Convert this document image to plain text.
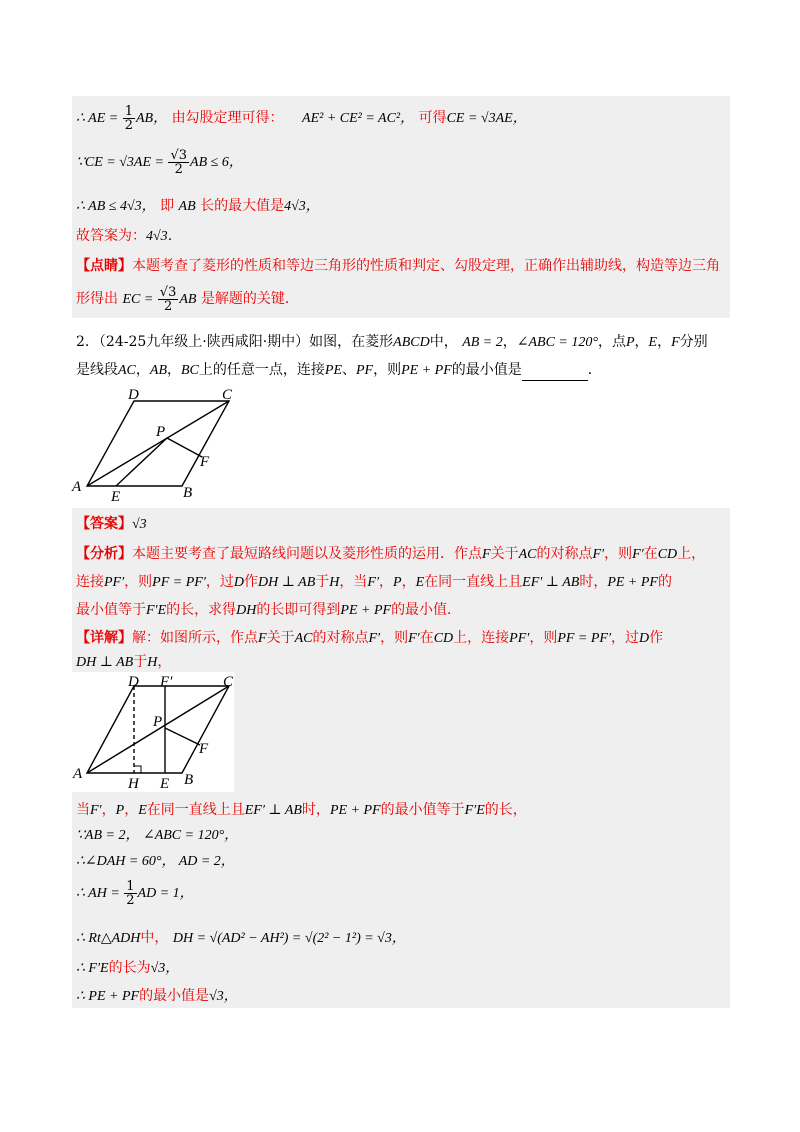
∴ AE = $\frac{1}{2}$ AB， 由勾股定理可得： AE² + CE² = AC²， 可得CE = √3AE，
∵CE = $√3AE = \frac{√3}{2}$ AB ≤ 6，
∴ AB ≤ 4√3， 即 AB 长的最大值是4√3，
故答案为：4√3．
【点睛】本题考查了菱形的性质和等边三角形的性质和判定、勾股定理，正确作出辅助线，构造等边三角
形得出 EC = $\frac{√3}{2}$ AB 是解题的关键．
2．（24-25九年级上·陕西咸阳·期中）如图，在菱形ABCD中， AB = 2，∠ABC = 120°，点P，E，F分别
是线段AC，AB，BC上的任意一点，连接PE、PF，则PE + PF的最小值是	．
A	B
C
D
E
F
P
【答案】√3
【分析】本题主要考查了最短路线问题以及菱形性质的运用．作点F关于AC的对称点F′，则F′在CD上，
连接PF′，则PF = PF′，过D作DH ⊥ AB于H，当F′，P，E在同一直线上且EF′ ⊥ AB时，PE + PF的
最小值等于F′E的长，求得DH的长即可得到PE + PF的最小值．
【详解】解：如图所示，作点F关于AC的对称点F′，则F′在CD上，连接PF′，则PF = PF′，过D作
DH ⊥ AB于H，
A	B
C
D
E
F
F′
H
P
当F′，P，E在同一直线上且EF′ ⊥ AB时，PE + PF的最小值等于F′E的长，
∵AB = 2， ∠ABC = 120°，
∴∠DAH = 60°， AD = 2，
∴ AH = $\frac{1}{2}$ AD = 1，
∴ Rt△ADH中， DH = √(AD² − AH²) = √(2² − 1²) = √3，
∴ F′E的长为√3，
∴ PE + PF的最小值是√3，
